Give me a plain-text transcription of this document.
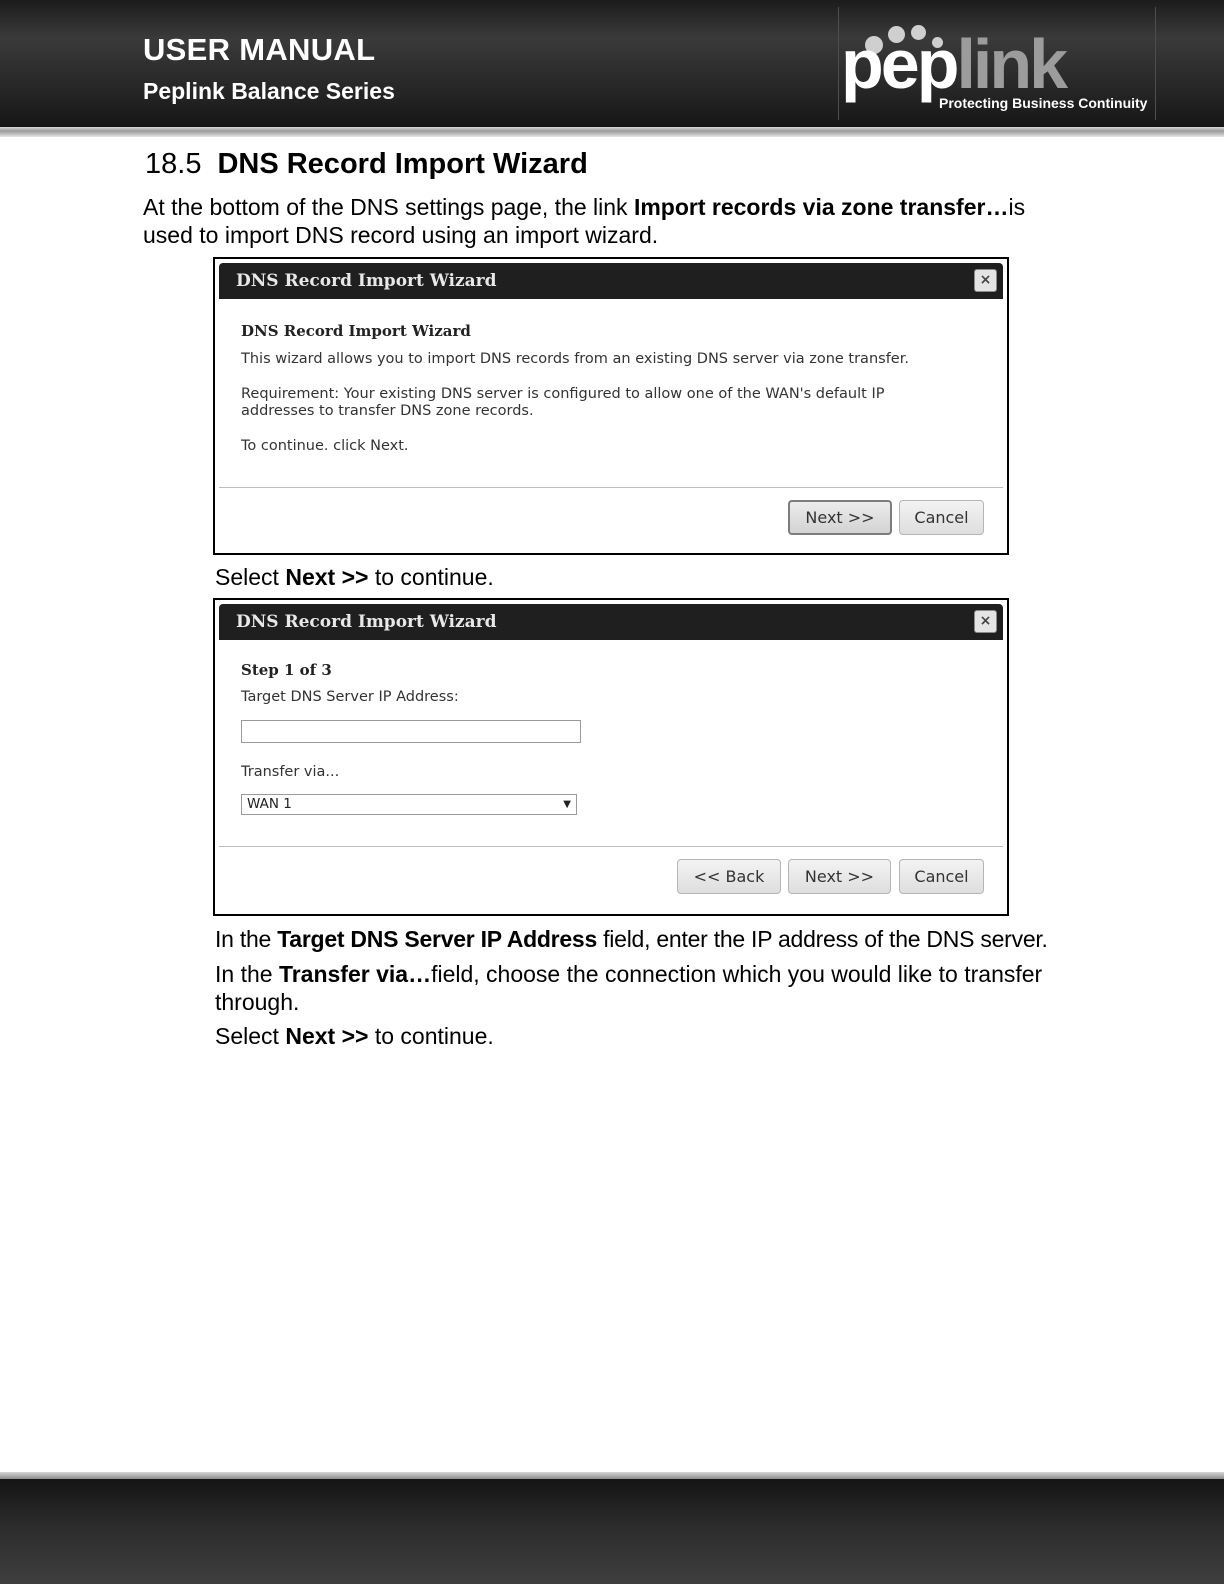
USER MANUAL
Peplink Balance Series	peplink
Protecting Business Continuity
18.5 DNS Record Import Wizard
At the bottom of the DNS settings page, the link Import records via zone transfer…is
used to import DNS record using an import wizard.
DNS Record Import Wizard	×
DNS Record Import Wizard
This wizard allows you to import DNS records from an existing DNS server via zone transfer.
Requirement: Your existing DNS server is configured to allow one of the WAN's default IP
addresses to transfer DNS zone records.
To continue. click Next.
Next >>	Cancel
Select Next >> to continue.
DNS Record Import Wizard	×
Step 1 of 3
Target DNS Server IP Address:
Transfer via...
WAN 1	▼
<< Back	Next >>	Cancel
In the Target DNS Server IP Address field, enter the IP address of the DNS server.
In the Transfer via…field, choose the connection which you would like to transfer
through.
Select Next >> to continue.
